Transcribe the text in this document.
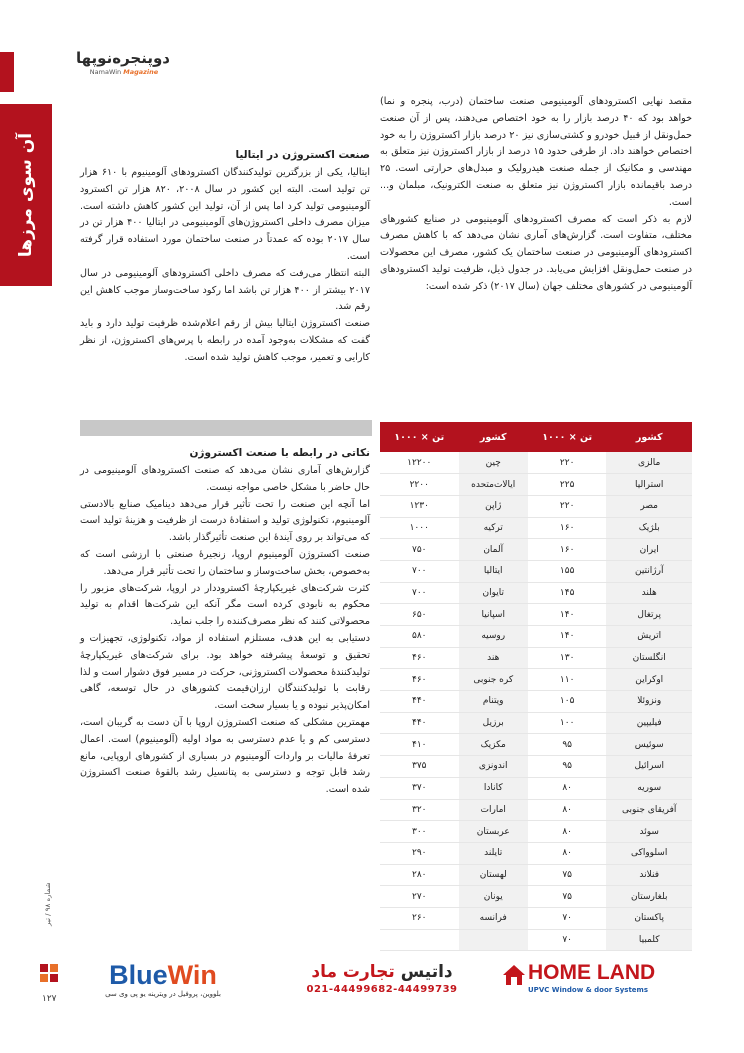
دوپنجره‌نوپها
NamaWin Magazine
آن سوی مرزها

مقصد نهایی اکسترودهای آلومینیومی صنعت ساختمان (درب، پنجره و نما) خواهد بود که ۴۰ درصد بازار را به خود اختصاص می‌دهند، پس از آن صنعت حمل‌ونقل از قبیل خودرو و کشتی‌سازی نیز ۲۰ درصد بازار اکستروژن را به خود اختصاص خواهند داد. از طرفی حدود ۱۵ درصد از بازار اکستروژن نیز متعلق به مهندسی و مکانیک از جمله صنعت هیدرولیک و مبدل‌های حرارتی است. ۲۵ درصد باقیمانده بازار اکستروژن نیز متعلق به صنعت الکترونیک، مبلمان و... است.

لازم به ذکر است که مصرف اکسترودهای آلومینیومی در صنایع کشورهای مختلف، متفاوت است. گزارش‌های آماری نشان می‌دهد که با کاهش مصرف اکسترودهای آلومینیومی در صنعت ساختمان یک کشور، مصرف این محصولات در صنعت حمل‌ونقل افزایش می‌یابد. در جدول ذیل، ظرفیت تولید اکسترودهای آلومینیومی در کشورهای مختلف جهان (سال ۲۰۱۷) ذکر شده است:

صنعت اکستروژن در ایتالیا

ایتالیا، یکی از بزرگترین تولیدکنندگان اکسترودهای آلومینیوم با ۶۱۰ هزار تن تولید است. البته این کشور در سال ۲۰۰۸، ۸۲۰ هزار تن اکسترود آلومینیومی تولید کرد اما پس از آن، تولید این کشور کاهش داشته است. میزان مصرف داخلی اکستروژن‌های آلومینیومی در ایتالیا ۴۰۰ هزار تن در سال ۲۰۱۷ بوده که عمدتاً در صنعت ساختمان مورد استفاده قرار گرفته است.

البته انتظار می‌رفت که مصرف داخلی اکسترودهای آلومینیومی در سال ۲۰۱۷ بیشتر از ۴۰۰ هزار تن باشد اما رکود ساخت‌وساز موجب کاهش این رقم شد.

صنعت اکستروژن ایتالیا بیش از رقم اعلام‌شده ظرفیت تولید دارد و باید گفت که مشکلات به‌وجود آمده در رابطه با پرس‌های اکستروژن، از نظر کارایی و تعمیر، موجب کاهش تولید شده است.

نکاتی در رابطه با صنعت اکستروژن

گزارش‌های آماری نشان می‌دهد که صنعت اکسترودهای آلومینیومی در حال حاضر با مشکل خاصی مواجه نیست.

اما آنچه این صنعت را تحت تأثیر قرار می‌دهد دینامیک صنایع بالادستی آلومینیوم، تکنولوژی تولید و استفادهٔ درست از ظرفیت و هزینهٔ تولید است که می‌تواند بر روی آیندهٔ این صنعت تأثیرگذار باشد.

صنعت اکستروژن آلومینیوم اروپا، زنجیرهٔ صنعتی با ارزشی است که به‌خصوص، بخش ساخت‌وساز و ساختمان را تحت تأثیر قرار می‌دهد.

کثرت شرکت‌های غیریکپارچهٔ اکستروددار در اروپا، شرکت‌های مزبور را محکوم به نابودی کرده است مگر آنکه این شرکت‌ها اقدام به تولید محصولاتی کنند که نظر مصرف‌کننده را جلب نماید.

دستیابی به این هدف، مستلزم استفاده از مواد، تکنولوژی، تجهیزات و تحقیق و توسعهٔ پیشرفته خواهد بود. برای شرکت‌های غیریکپارچهٔ تولیدکنندهٔ محصولات اکستروژنی، حرکت در مسیر فوق دشوار است و لذا رقابت با تولیدکنندگان ارزان‌قیمت کشورهای در حال توسعه، گاهی امکان‌پذیر نبوده و یا بسیار سخت است.

مهمترین مشکلی که صنعت اکستروژن اروپا با آن دست به گریبان است، دسترسی کم و یا عدم دسترسی به مواد اولیه (آلومینیوم) است. اعمال تعرفهٔ مالیات بر واردات آلومینیوم در بسیاری از کشورهای اروپایی، مانع رشد قابل توجه و دسترسی به پتانسیل رشد بالقوهٔ صنعت اکستروژن شده است.

کشور	تن × ۱۰۰۰	کشور	تن × ۱۰۰۰
مالزی	۲۲۰	چین	۱۲۲۰۰
استرالیا	۲۲۵	ایالات‌متحده	۲۲۰۰
مصر	۲۲۰	ژاپن	۱۲۳۰
بلژیک	۱۶۰	ترکیه	۱۰۰۰
ایران	۱۶۰	آلمان	۷۵۰
آرژانتین	۱۵۵	ایتالیا	۷۰۰
هلند	۱۴۵	تایوان	۷۰۰
پرتغال	۱۴۰	اسپانیا	۶۵۰
اتریش	۱۴۰	روسیه	۵۸۰
انگلستان	۱۳۰	هند	۴۶۰
اوکراین	۱۱۰	کره جنوبی	۴۶۰
ونزوئلا	۱۰۵	ویتنام	۴۴۰
فیلیپین	۱۰۰	برزیل	۴۴۰
سوئیس	۹۵	مکزیک	۴۱۰
اسرائیل	۹۵	اندونزی	۳۷۵
سوریه	۸۰	کانادا	۳۷۰
آفریقای جنوبی	۸۰	امارات	۳۲۰
سوئد	۸۰	عربستان	۳۰۰
اسلوواکی	۸۰	تایلند	۲۹۰
فنلاند	۷۵	لهستان	۲۸۰
بلغارستان	۷۵	یونان	۲۷۰
پاکستان	۷۰	فرانسه	۲۶۰
کلمبیا	۷۰		
شماره ۹۸ / تیر
۱۲۷
BlueWin
بلووین، پروفیل در ویترینه یو پی وی سی
داتیس تجارت ماد
021-44499682-44499739
HOME LAND
UPVC Window & door Systems
